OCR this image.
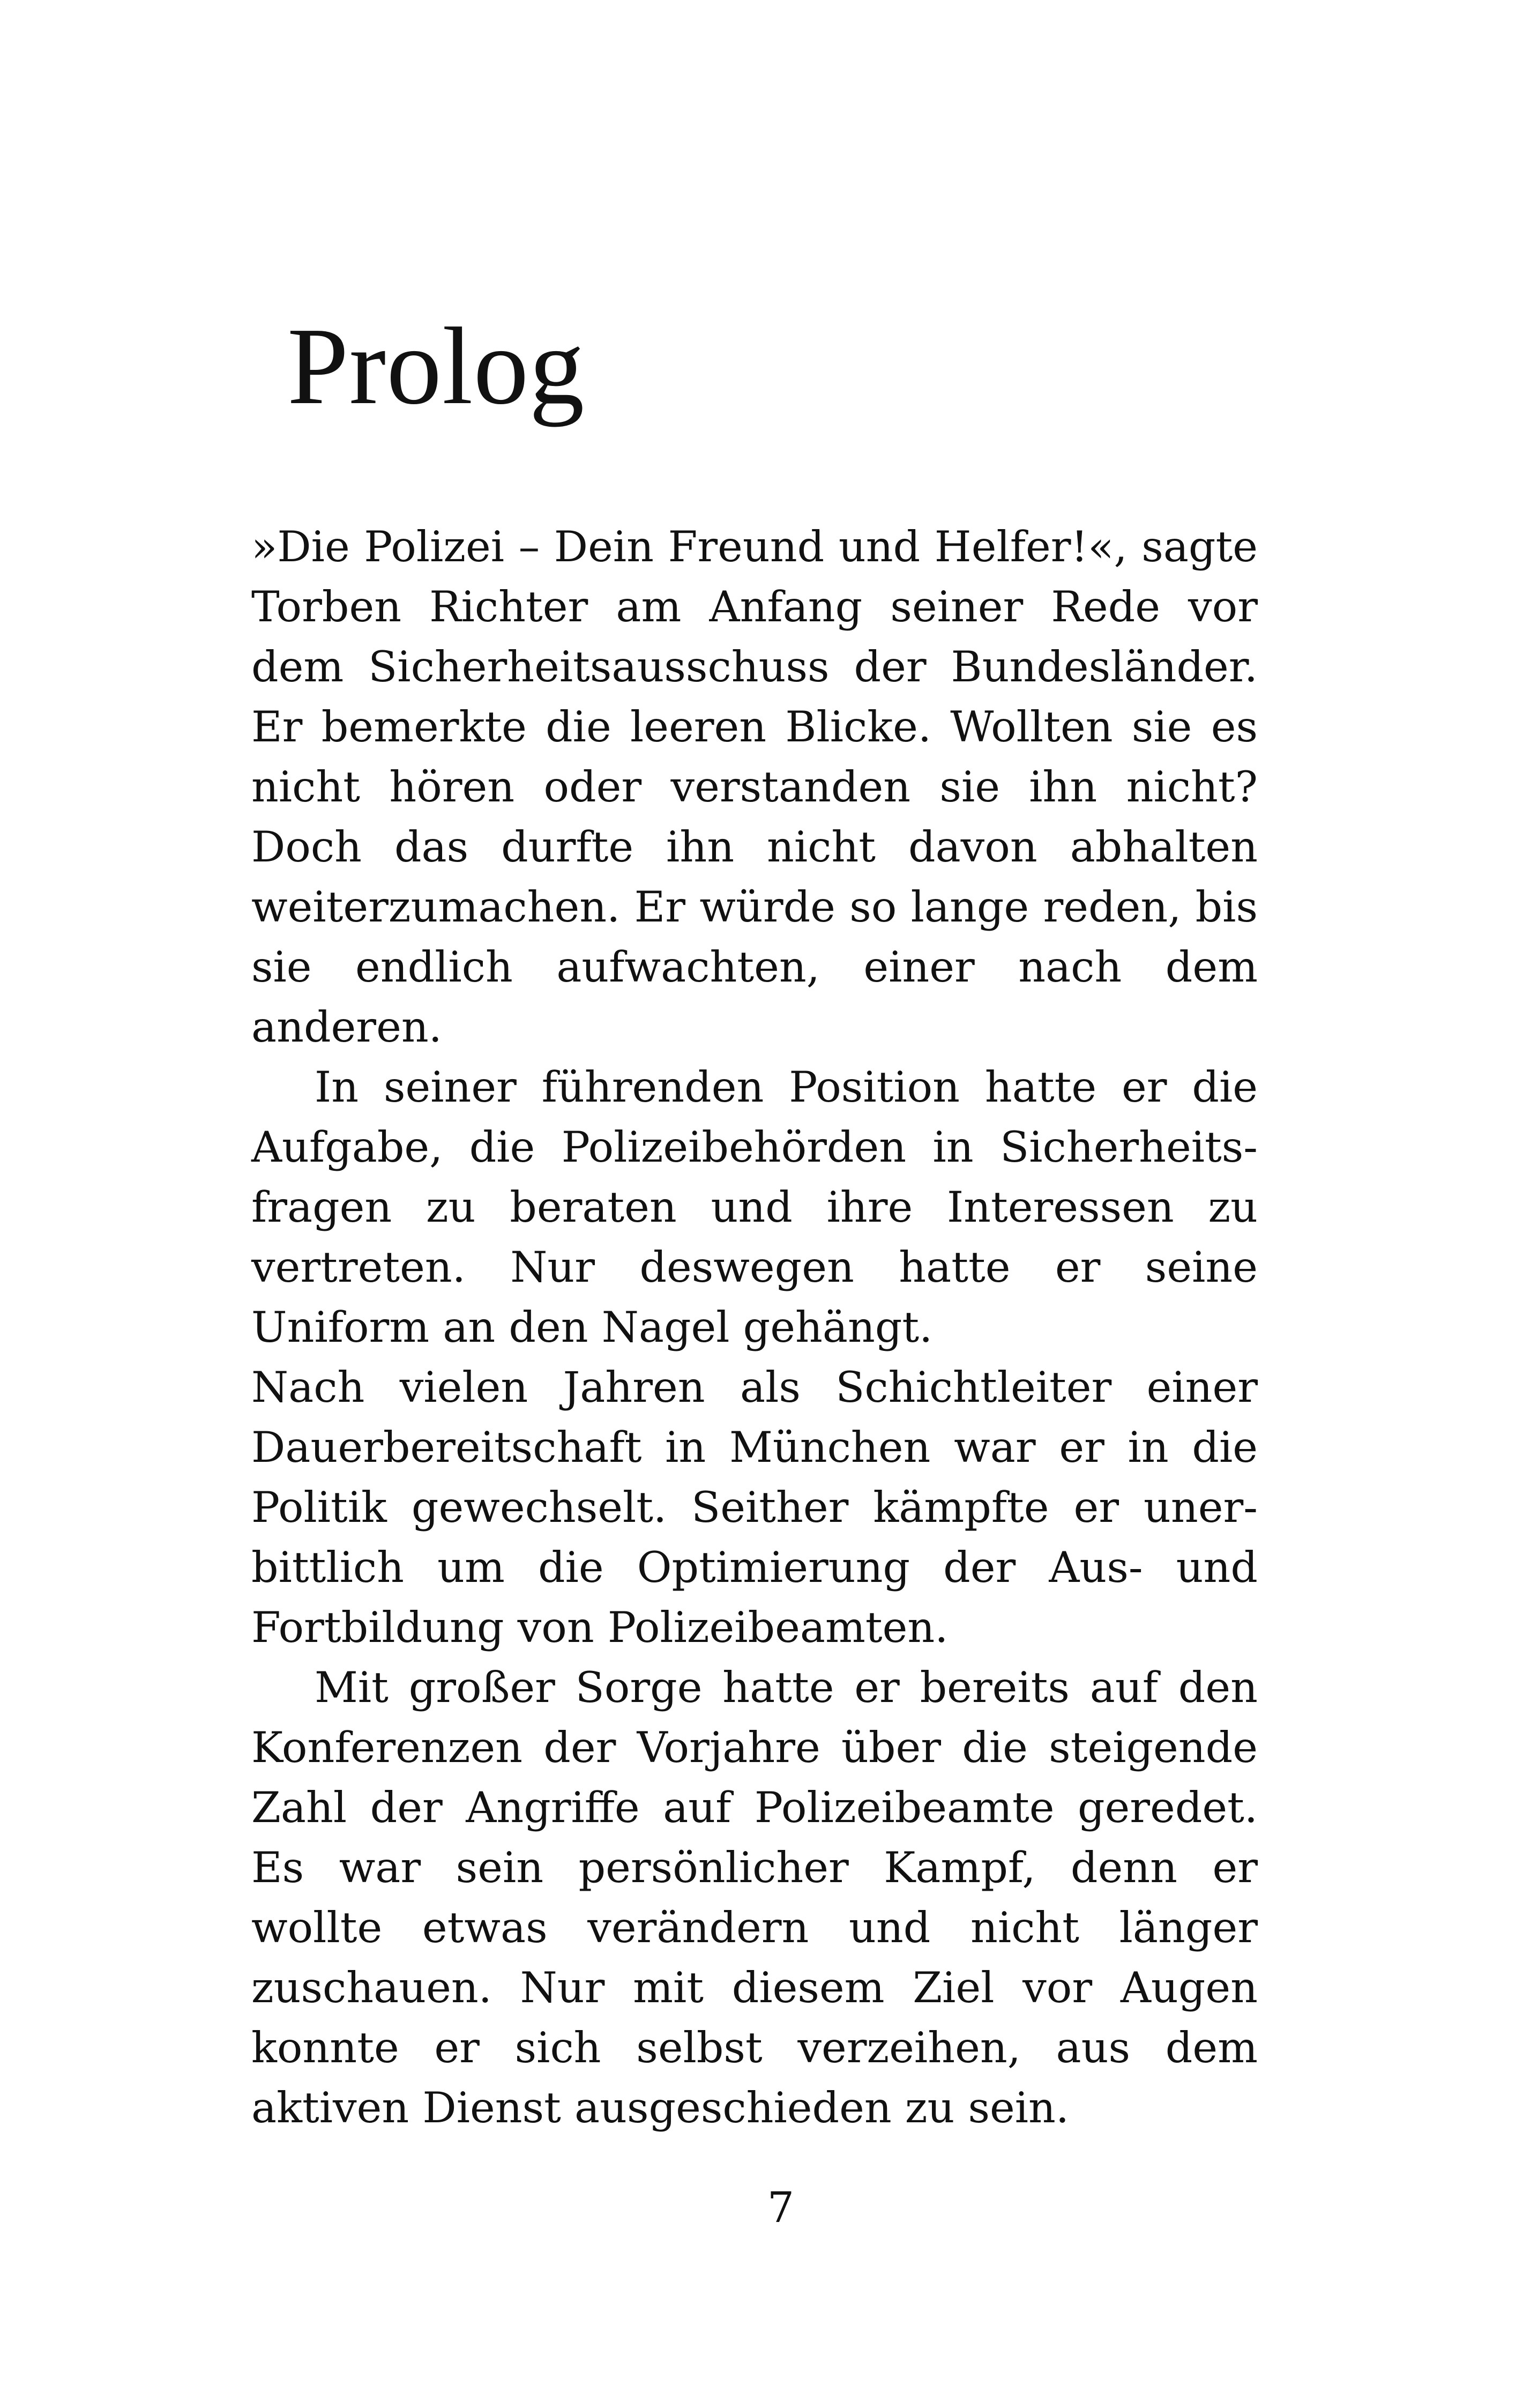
Prolog

»Die Polizei – Dein Freund und Helfer!«, sagte
Torben Richter am Anfang seiner Rede vor
dem Sicherheitsausschuss der Bundesländer.
Er bemerkte die leeren Blicke. Wollten sie es
nicht hören oder verstanden sie ihn nicht?
Doch das durfte ihn nicht davon abhalten
weiterzumachen. Er würde so lange reden, bis
sie endlich aufwachten, einer nach dem
anderen.

In seiner führenden Position hatte er die
Aufgabe, die Polizeibehörden in Sicherheits-
fragen zu beraten und ihre Interessen zu
vertreten. Nur deswegen hatte er seine
Uniform an den Nagel gehängt.

Nach vielen Jahren als Schichtleiter einer
Dauerbereitschaft in München war er in die
Politik gewechselt. Seither kämpfte er uner-
bittlich um die Optimierung der Aus- und
Fortbildung von Polizeibeamten.

Mit großer Sorge hatte er bereits auf den
Konferenzen der Vorjahre über die steigende
Zahl der Angriffe auf Polizeibeamte geredet.
Es war sein persönlicher Kampf, denn er
wollte etwas verändern und nicht länger
zuschauen. Nur mit diesem Ziel vor Augen
konnte er sich selbst verzeihen, aus dem
aktiven Dienst ausgeschieden zu sein.

7
